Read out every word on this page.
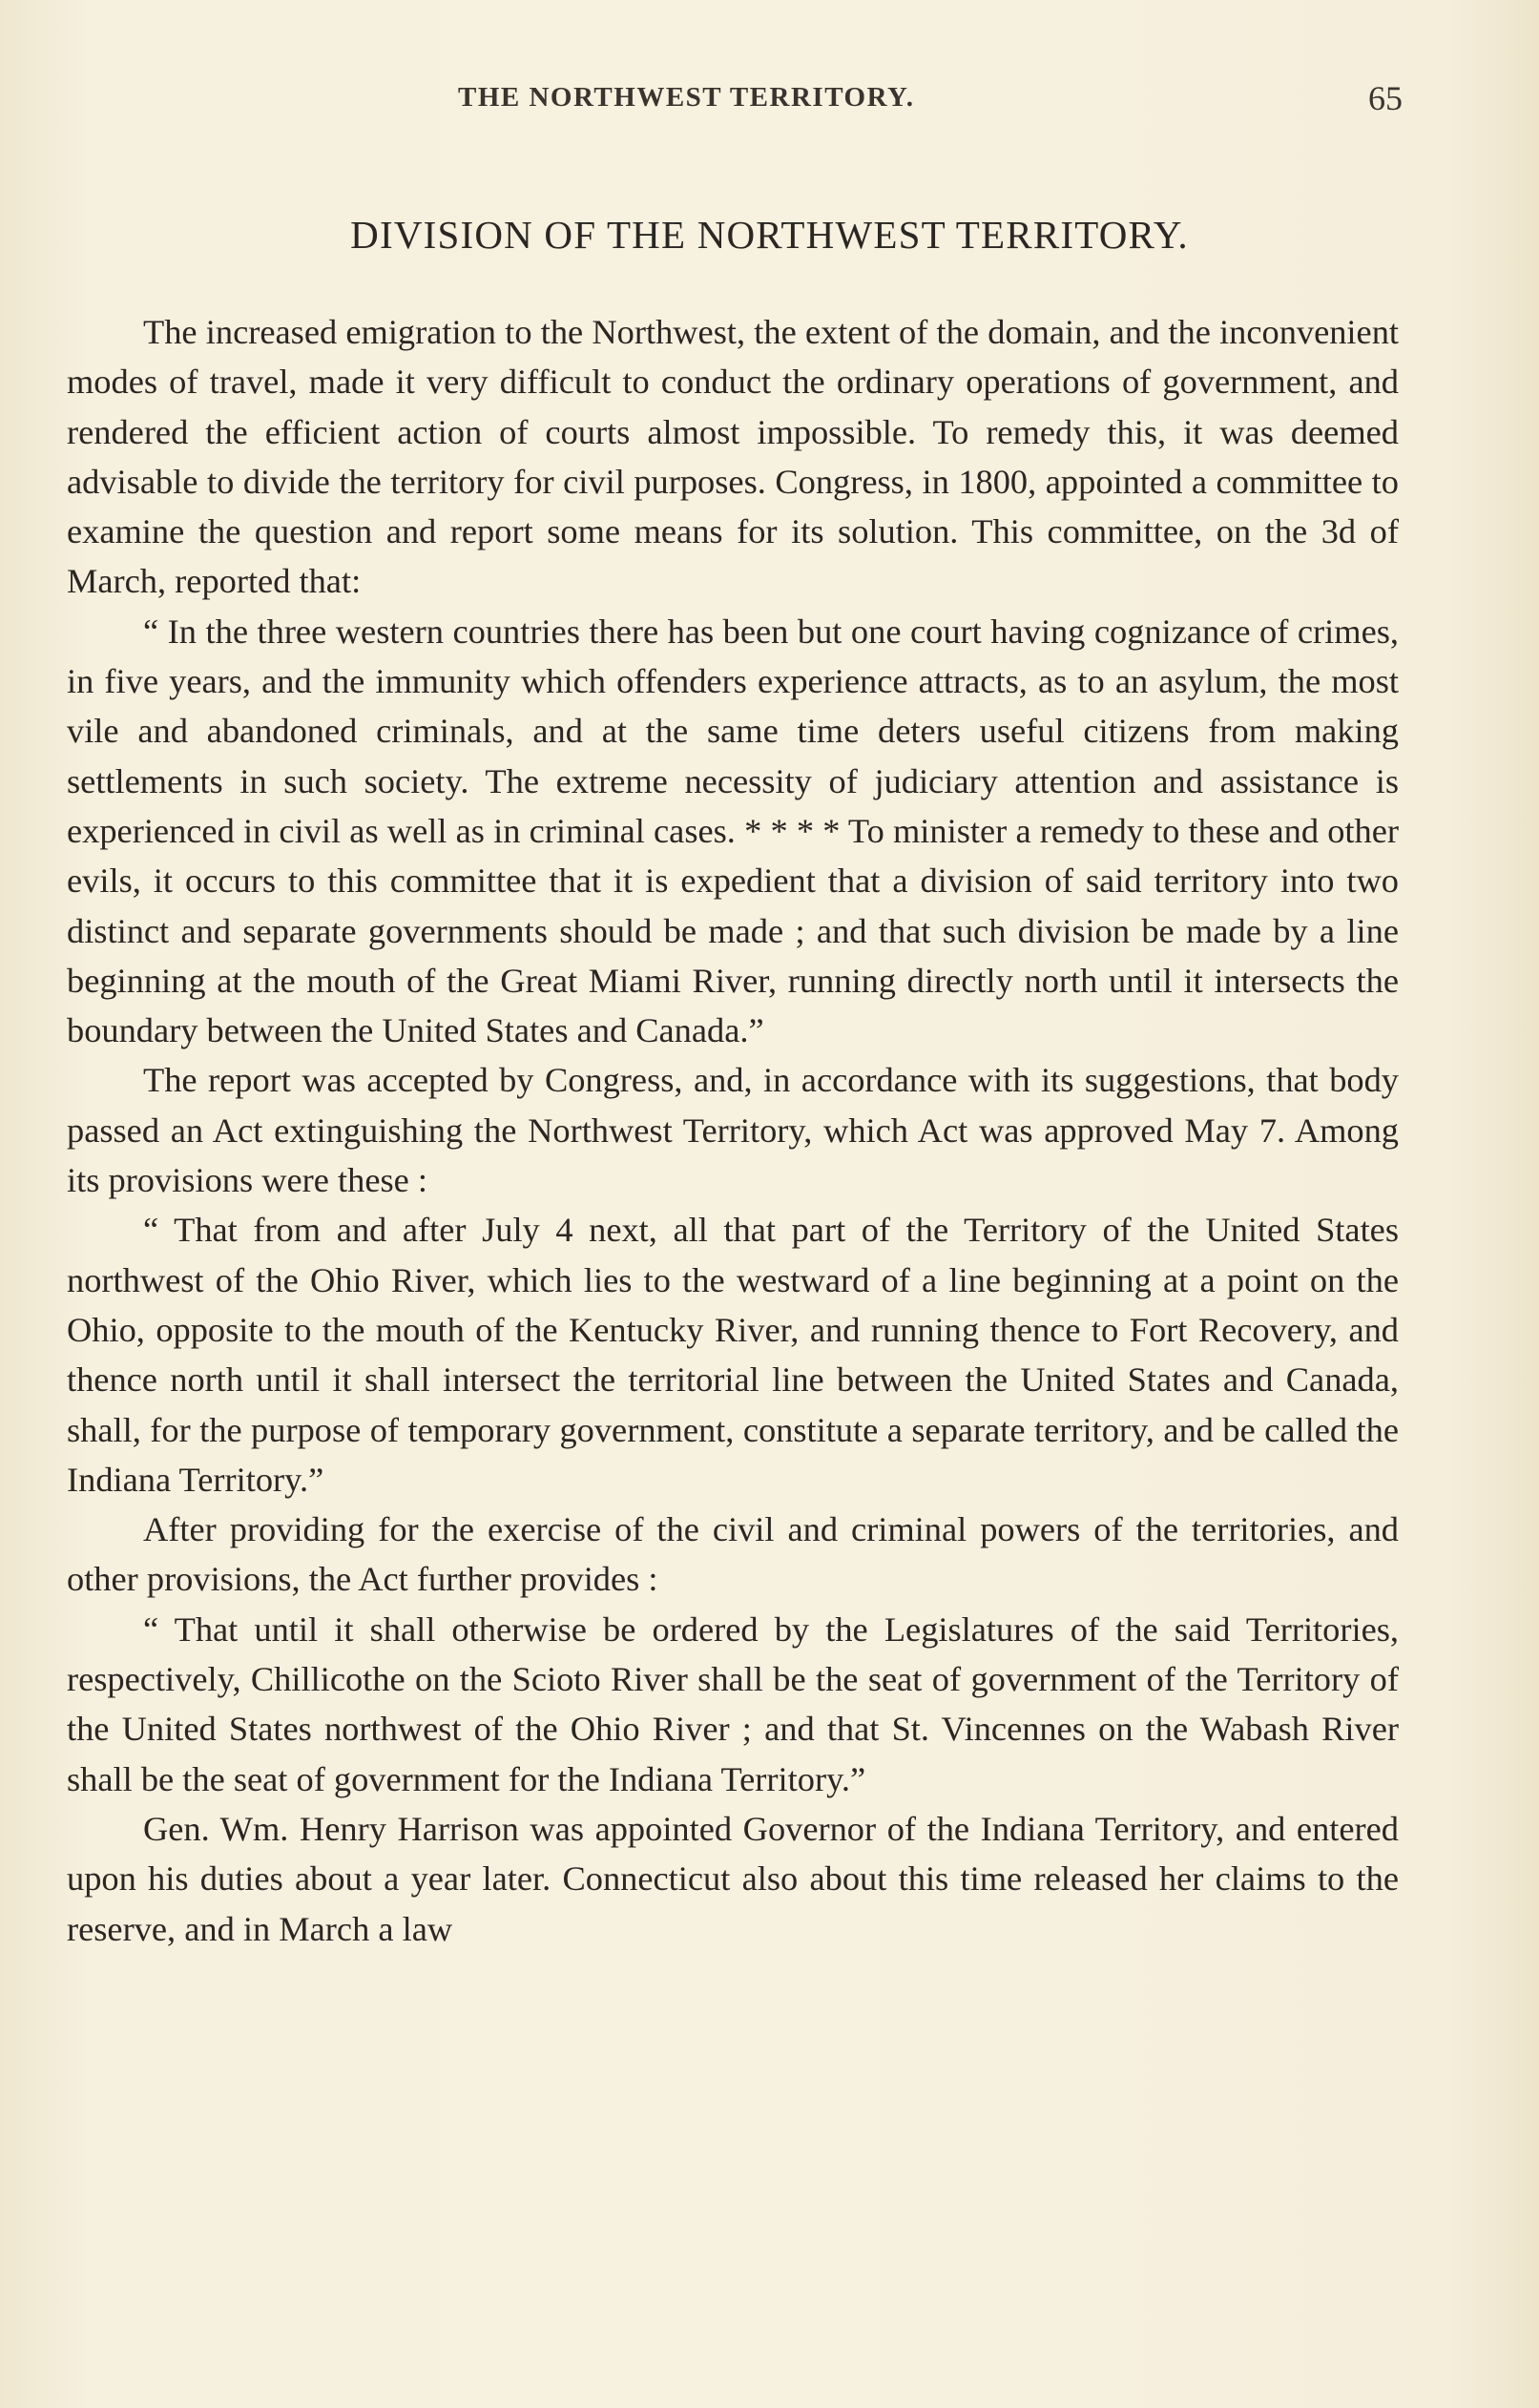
THE NORTHWEST TERRITORY.	65
DIVISION OF THE NORTHWEST TERRITORY.

The increased emigration to the Northwest, the extent of the domain, and the inconvenient modes of travel, made it very difficult to conduct the ordinary operations of government, and rendered the efficient action of courts almost impossible. To remedy this, it was deemed advisable to divide the territory for civil purposes. Congress, in 1800, appointed a committee to examine the question and report some means for its solution. This committee, on the 3d of March, reported that:

“ In the three western countries there has been but one court having cognizance of crimes, in five years, and the immunity which offenders experience attracts, as to an asylum, the most vile and abandoned criminals, and at the same time deters useful citizens from making settlements in such society. The extreme necessity of judiciary attention and assistance is experienced in civil as well as in criminal cases. * * * * To minister a remedy to these and other evils, it occurs to this committee that it is expedient that a division of said territory into two distinct and separate governments should be made ; and that such division be made by a line beginning at the mouth of the Great Miami River, running directly north until it intersects the boundary between the United States and Canada.”

The report was accepted by Congress, and, in accordance with its suggestions, that body passed an Act extinguishing the Northwest Territory, which Act was approved May 7. Among its provisions were these :

“ That from and after July 4 next, all that part of the Territory of the United States northwest of the Ohio River, which lies to the westward of a line beginning at a point on the Ohio, opposite to the mouth of the Kentucky River, and running thence to Fort Recovery, and thence north until it shall intersect the territorial line between the United States and Canada, shall, for the purpose of temporary government, constitute a separate territory, and be called the Indiana Territory.”

After providing for the exercise of the civil and criminal powers of the territories, and other provisions, the Act further provides :

“ That until it shall otherwise be ordered by the Legislatures of the said Territories, respectively, Chillicothe on the Scioto River shall be the seat of government of the Territory of the United States northwest of the Ohio River ; and that St. Vincennes on the Wabash River shall be the seat of government for the Indiana Territory.”

Gen. Wm. Henry Harrison was appointed Governor of the Indiana Territory, and entered upon his duties about a year later. Connecticut also about this time released her claims to the reserve, and in March a law
